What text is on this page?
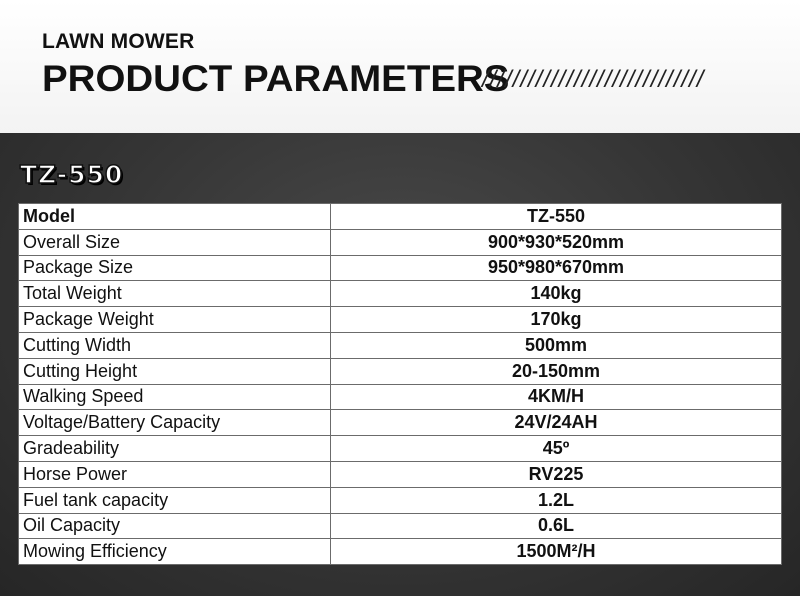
LAWN MOWER
PRODUCT PARAMETERS
/////////////////////////////
TZ-550
Model	TZ-550
Overall Size	900*930*520mm
Package Size	950*980*670mm
Total Weight	140kg
Package Weight	170kg
Cutting Width	500mm
Cutting Height	20-150mm
Walking Speed	4KM/H
Voltage/Battery Capacity	24V/24AH
Gradeability	45º
Horse Power	RV225
Fuel tank capacity	1.2L
Oil Capacity	0.6L
Mowing Efficiency	1500M²/H
